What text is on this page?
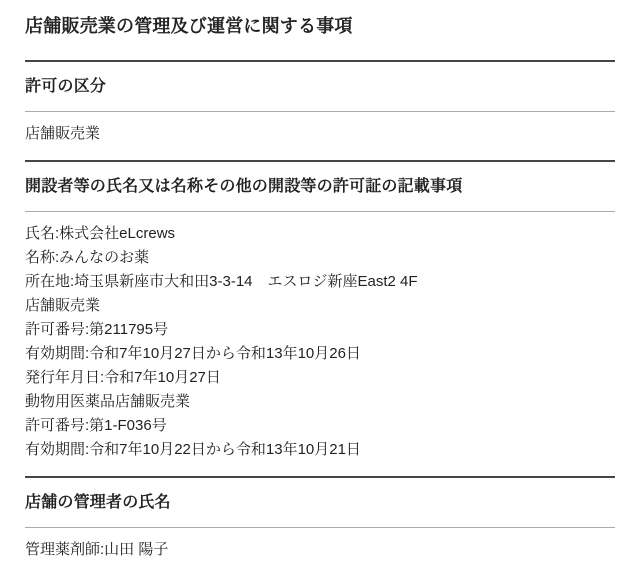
店舗販売業の管理及び運営に関する事項
許可の区分
店舗販売業
開設者等の氏名又は名称その他の開設等の許可証の記載事項
氏名:株式会社eLcrews
名称:みんなのお薬
所在地:埼玉県新座市大和田3-3-14　エスロジ新座East2 4F
店舗販売業
許可番号:第211795号
有効期間:令和7年10月27日から令和13年10月26日
発行年月日:令和7年10月27日
動物用医薬品店舗販売業
許可番号:第1-F036号
有効期間:令和7年10月22日から令和13年10月21日
店舗の管理者の氏名
管理薬剤師:山田 陽子
